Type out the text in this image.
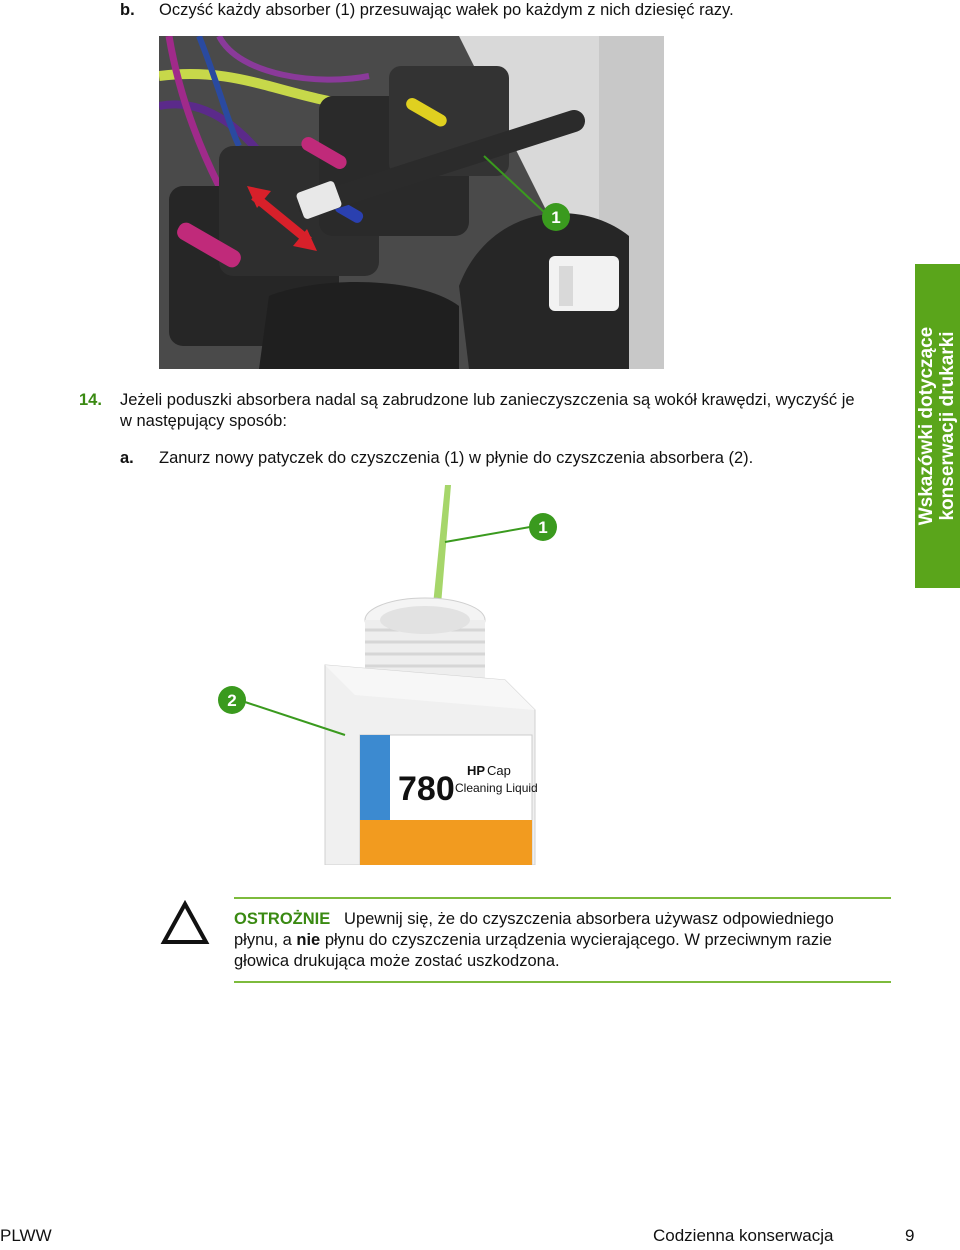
b. Oczyść każdy absorber (1) przesuwając wałek po każdym z nich dziesięć razy.
1
14. Jeżeli poduszki absorbera nadal są zabrudzone lub zanieczyszczenia są wokół krawędzi, wyczyść je
w następujący sposób:
a. Zanurz nowy patyczek do czyszczenia (1) w płynie do czyszczenia absorbera (2).
1
780 HP Cap
Cleaning Liquid
2
Wskazówki dotyczące konserwacji drukarki
OSTROŻNIE Upewnij się, że do czyszczenia absorbera używasz odpowiedniego
płynu, a nie płynu do czyszczenia urządzenia wycierającego. W przeciwnym razie
głowica drukująca może zostać uszkodzona.
PLWW	Codzienna konserwacja	9
